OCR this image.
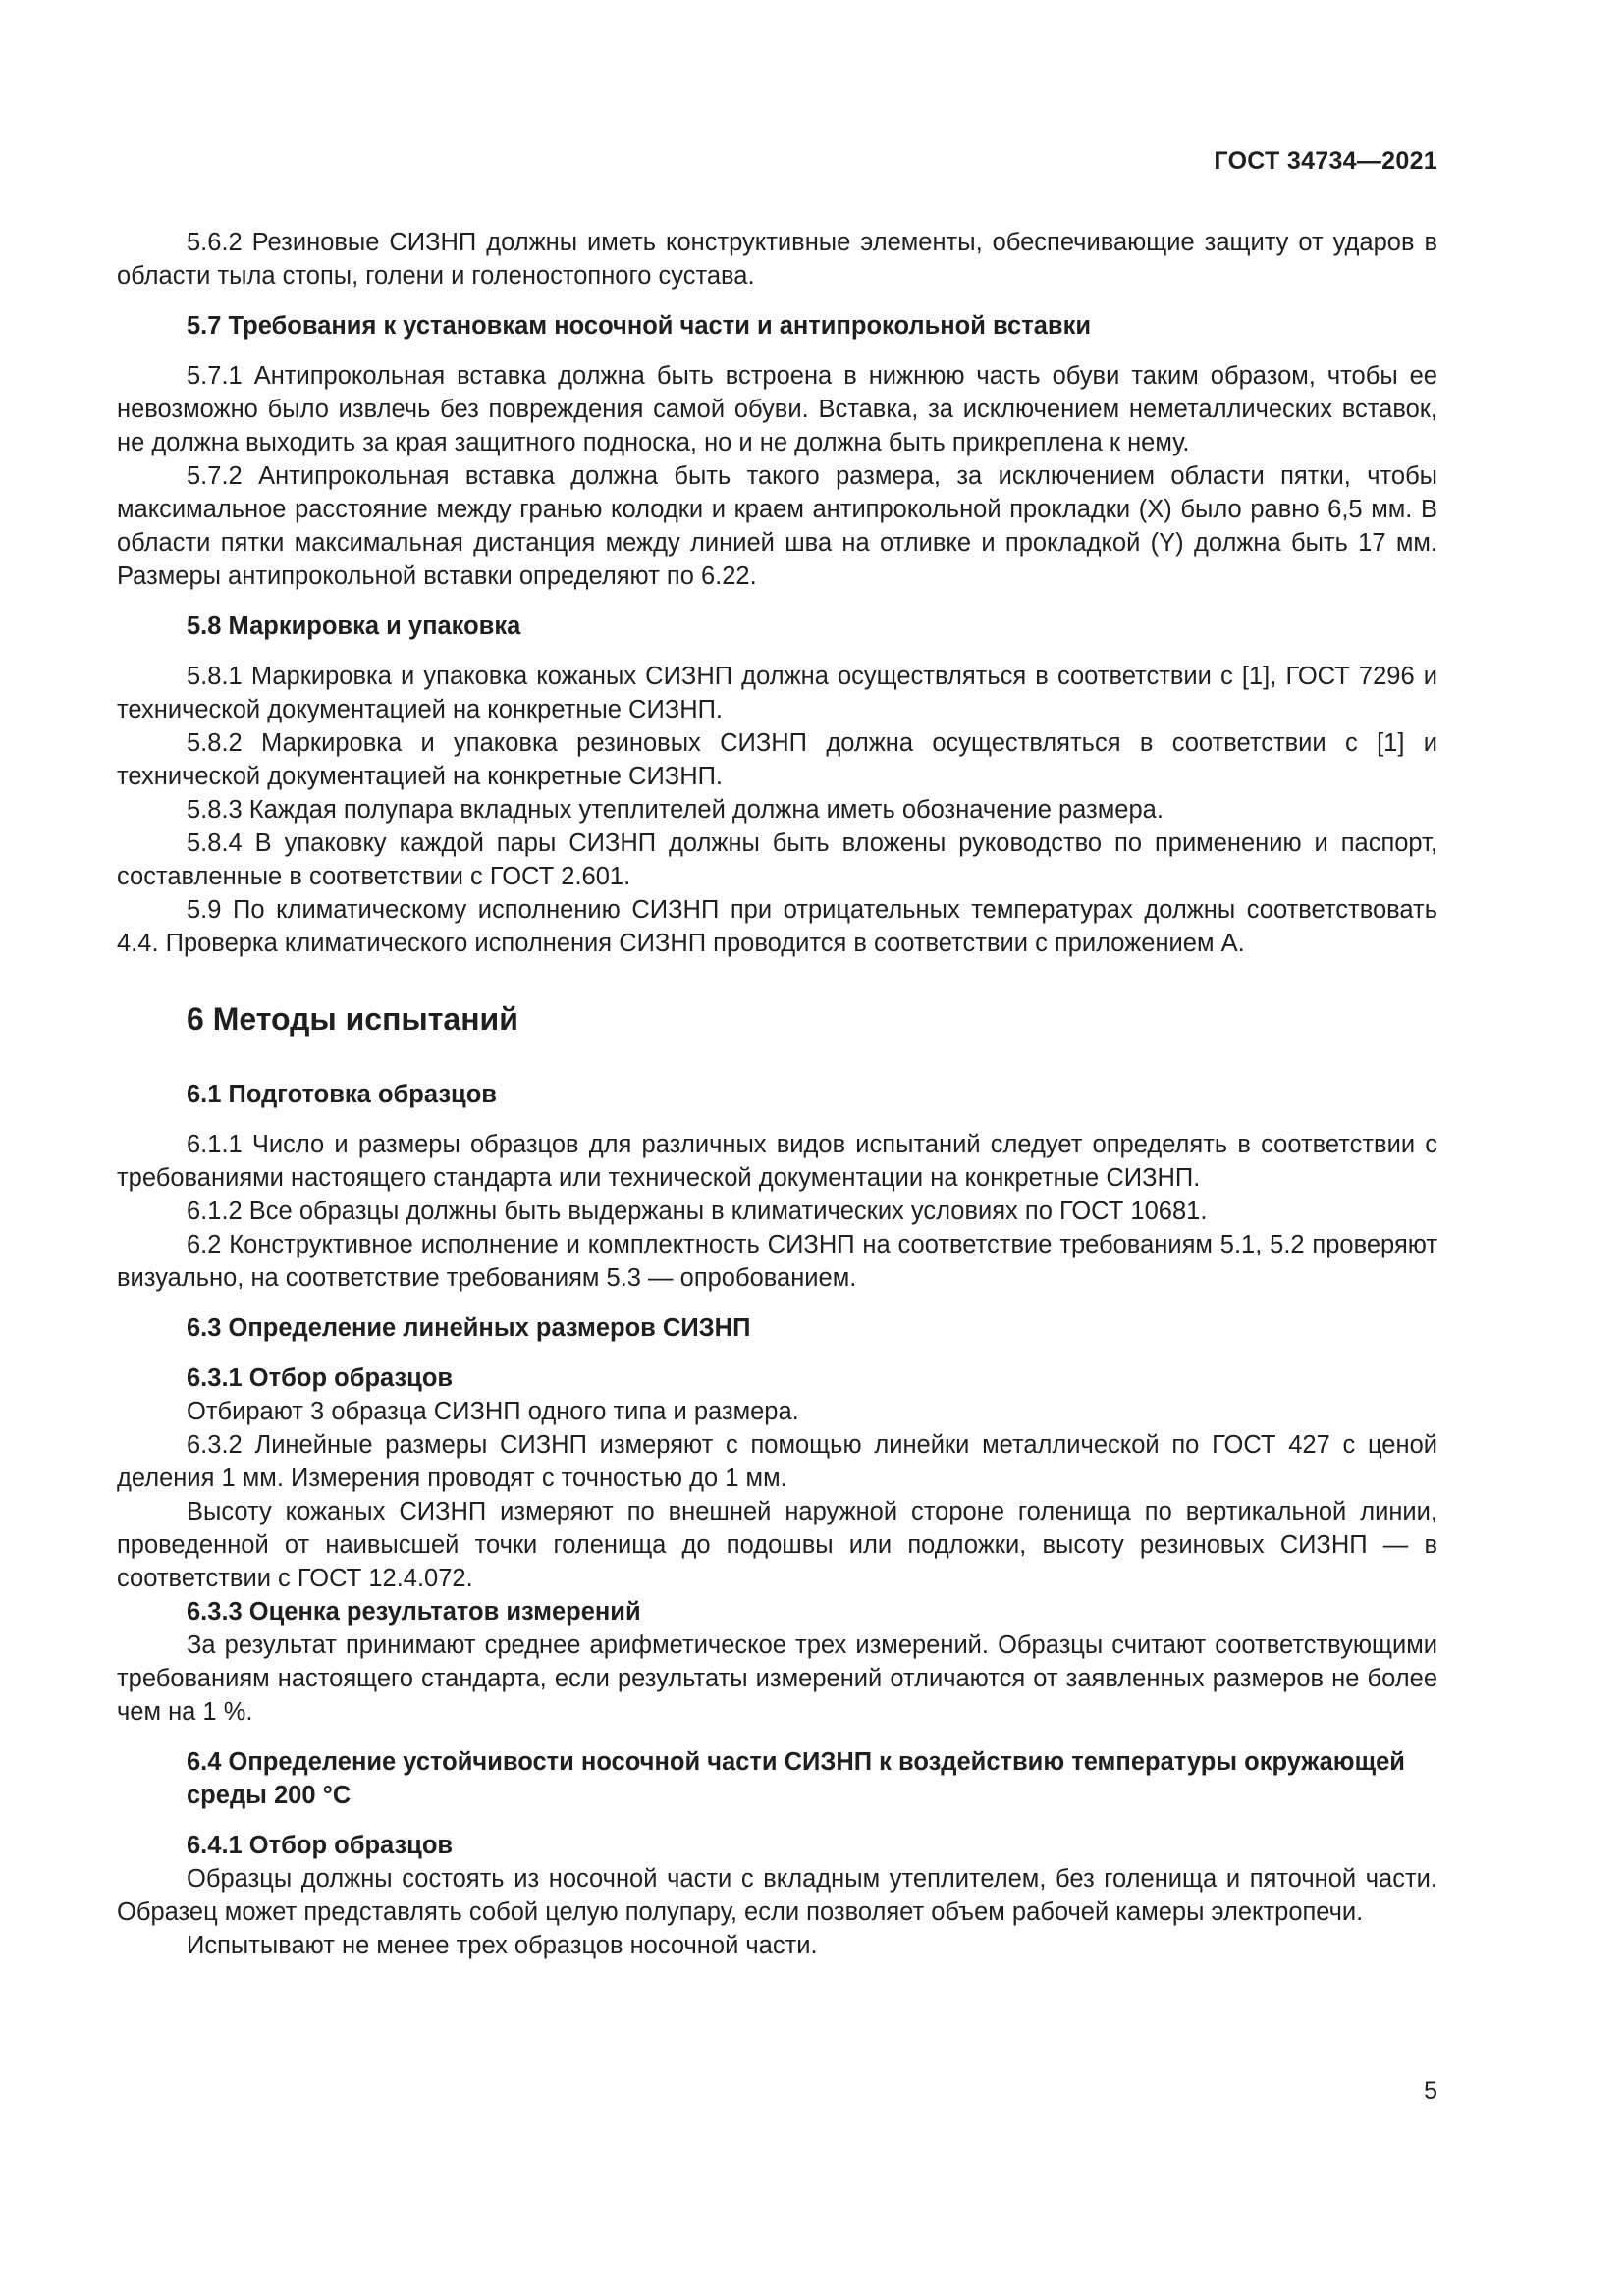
ГОСТ 34734—2021

5.6.2 Резиновые СИЗНП должны иметь конструктивные элементы, обеспечивающие защиту от ударов в области тыла стопы, голени и голеностопного сустава.

5.7 Требования к установкам носочной части и антипрокольной вставки

5.7.1 Антипрокольная вставка должна быть встроена в нижнюю часть обуви таким образом, чтобы ее невозможно было извлечь без повреждения самой обуви. Вставка, за исключением неметаллических вставок, не должна выходить за края защитного подноска, но и не должна быть прикреплена к нему.

5.7.2 Антипрокольная вставка должна быть такого размера, за исключением области пятки, чтобы максимальное расстояние между гранью колодки и краем антипрокольной прокладки (X) было равно 6,5 мм. В области пятки максимальная дистанция между линией шва на отливке и прокладкой (Y) должна быть 17 мм. Размеры антипрокольной вставки определяют по 6.22.

5.8 Маркировка и упаковка

5.8.1 Маркировка и упаковка кожаных СИЗНП должна осуществляться в соответствии с [1], ГОСТ 7296 и технической документацией на конкретные СИЗНП.

5.8.2 Маркировка и упаковка резиновых СИЗНП должна осуществляться в соответствии с [1] и технической документацией на конкретные СИЗНП.

5.8.3 Каждая полупара вкладных утеплителей должна иметь обозначение размера.

5.8.4 В упаковку каждой пары СИЗНП должны быть вложены руководство по применению и паспорт, составленные в соответствии с ГОСТ 2.601.

5.9 По климатическому исполнению СИЗНП при отрицательных температурах должны соответствовать 4.4. Проверка климатического исполнения СИЗНП проводится в соответствии с приложением А.

6 Методы испытаний

6.1 Подготовка образцов

6.1.1 Число и размеры образцов для различных видов испытаний следует определять в соответствии с требованиями настоящего стандарта или технической документации на конкретные СИЗНП.

6.1.2 Все образцы должны быть выдержаны в климатических условиях по ГОСТ 10681.

6.2 Конструктивное исполнение и комплектность СИЗНП на соответствие требованиям 5.1, 5.2 проверяют визуально, на соответствие требованиям 5.3 — опробованием.

6.3 Определение линейных размеров СИЗНП

6.3.1 Отбор образцов

Отбирают 3 образца СИЗНП одного типа и размера.

6.3.2 Линейные размеры СИЗНП измеряют с помощью линейки металлической по ГОСТ 427 с ценой деления 1 мм. Измерения проводят с точностью до 1 мм.

Высоту кожаных СИЗНП измеряют по внешней наружной стороне голенища по вертикальной линии, проведенной от наивысшей точки голенища до подошвы или подложки, высоту резиновых СИЗНП — в соответствии с ГОСТ 12.4.072.

6.3.3 Оценка результатов измерений

За результат принимают среднее арифметическое трех измерений. Образцы считают соответствующими требованиям настоящего стандарта, если результаты измерений отличаются от заявленных размеров не более чем на 1 %.

6.4 Определение устойчивости носочной части СИЗНП к воздействию температуры окружающей среды 200 °С

6.4.1 Отбор образцов

Образцы должны состоять из носочной части с вкладным утеплителем, без голенища и пяточной части. Образец может представлять собой целую полупару, если позволяет объем рабочей камеры электропечи.

Испытывают не менее трех образцов носочной части.

5
